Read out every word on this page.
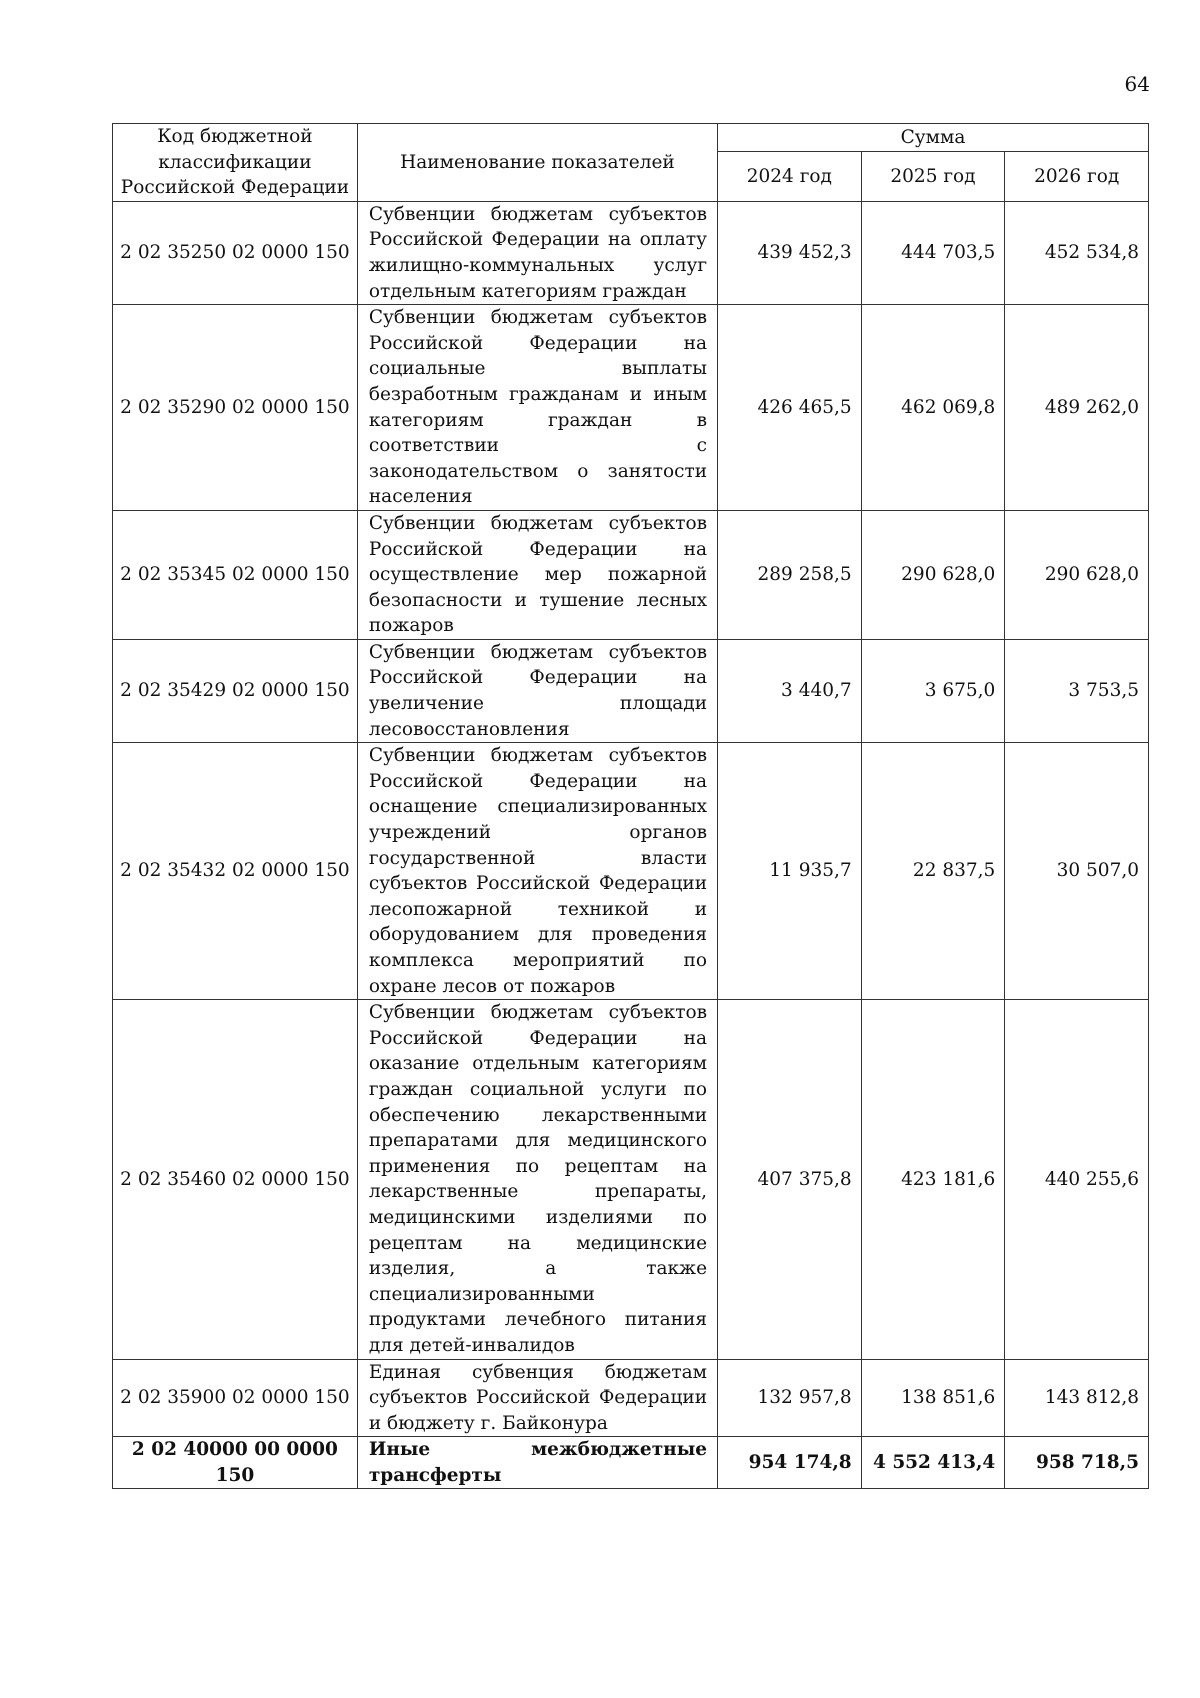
64
Код бюджетной классификации Российской Федерации	Наименование показателей	Сумма		
		2024 год	2025 год	2026 год
2 02 35250 02 0000 150	Субвенции бюджетам субъектов Российской Федерации на оплату жилищно-коммунальных услуг отдельным категориям граждан	439 452,3	444 703,5	452 534,8
2 02 35290 02 0000 150	Субвенции бюджетам субъектов Российской Федерации на социальные выплаты безработным гражданам и иным категориям граждан в соответствии с законодательством о занятости населения	426 465,5	462 069,8	489 262,0
2 02 35345 02 0000 150	Субвенции бюджетам субъектов Российской Федерации на осуществление мер пожарной безопасности и тушение лесных пожаров	289 258,5	290 628,0	290 628,0
2 02 35429 02 0000 150	Субвенции бюджетам субъектов Российской Федерации на увеличение площади лесовосстановления	3 440,7	3 675,0	3 753,5
2 02 35432 02 0000 150	Субвенции бюджетам субъектов Российской Федерации на оснащение специализированных учреждений органов государственной власти субъектов Российской Федерации лесопожарной техникой и оборудованием для проведения комплекса мероприятий по охране лесов от пожаров	11 935,7	22 837,5	30 507,0
2 02 35460 02 0000 150	Субвенции бюджетам субъектов Российской Федерации на оказание отдельным категориям граждан социальной услуги по обеспечению лекарственными препаратами для медицинского применения по рецептам на лекарственные препараты, медицинскими изделиями по рецептам на медицинские изделия, а также специализированными продуктами лечебного питания для детей-инвалидов	407 375,8	423 181,6	440 255,6
2 02 35900 02 0000 150	Единая субвенция бюджетам субъектов Российской Федерации и бюджету г. Байконура	132 957,8	138 851,6	143 812,8
2 02 40000 00 0000 150	Иные межбюджетные трансферты	954 174,8	4 552 413,4	958 718,5
